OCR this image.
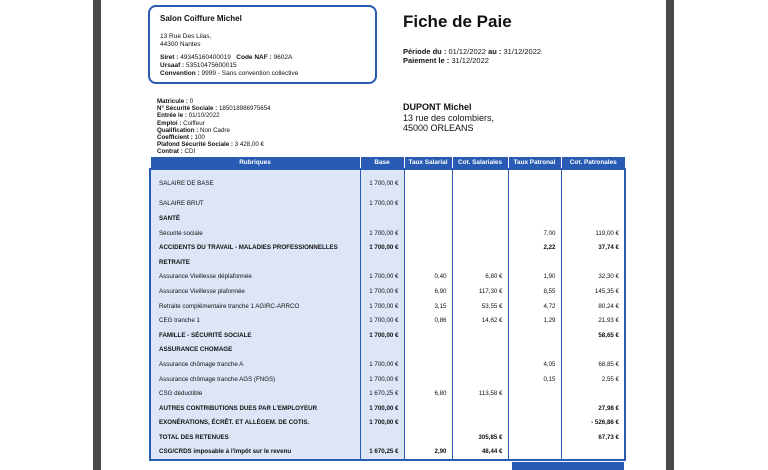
Salon Coiffure Michel
13 Rue Des Lilas,
44300 Nantes
Siret : 49345160400019 Code NAF : 9602A
Ursaaf : 53510475600015
Convention : 9999 - Sans convention collective
Fiche de Paie
Période du : 01/12/2022 au : 31/12/2022
Paiement le : 31/12/2022
Matricule : 0
N° Sécurité Sociale : 185018986975654
Entrée le : 01/10/2022
Emploi : Coiffeur
Qualification : Non Cadre
Coefficient : 100
Plafond Sécurité Sociale : 3 428,00 €
Contrat : CDI
DUPONT Michel
13 rue des colombiers,
45000 ORLEANS
Rubriques	Base	Taux Salarial	Cot. Salariales	Taux Patronal	Cot. Patronales

SALAIRE DE BASE	1 700,00 €				

SALAIRE BRUT	1 700,00 €				
SANTÉ					
Sécurité sociale	1 700,00 €			7,00	119,00 €
ACCIDENTS DU TRAVAIL - MALADIES PROFESSIONNELLES	1 700,00 €			2,22	37,74 €
RETRAITE					
Assurance Vieillesse déplafonnée	1 700,00 €	0,40	6,80 €	1,90	32,30 €
Assurance Vieillesse plafonnée	1 700,00 €	6,90	117,30 €	8,55	145,35 €
Retraite complémentaire tranche 1 AGIRC-ARRCO	1 700,00 €	3,15	53,55 €	4,72	80,24 €
CEG tranche 1	1 700,00 €	0,86	14,62 €	1,29	21,93 €
FAMILLE - SÉCURITÉ SOCIALE	1 700,00 €				58,65 €
ASSURANCE CHOMAGE					
Assurance chômage tranche A	1 700,00 €			4,05	68,85 €
Assurance chômage tranche AGS (FNGS)	1 700,00 €			0,15	2,55 €
CSG déductible	1 670,25 €	6,80	113,58 €		
AUTRES CONTRIBUTIONS DUES PAR L'EMPLOYEUR	1 700,00 €				27,98 €
EXONÉRATIONS, ÉCRÊT. ET ALLÈGEM. DE COTIS.	1 700,00 €				- 526,86 €
TOTAL DES RETENUES			305,85 €		67,73 €
CSG/CRDS imposable à l'impôt sur le revenu	1 670,25 €	2,90	48,44 €		
